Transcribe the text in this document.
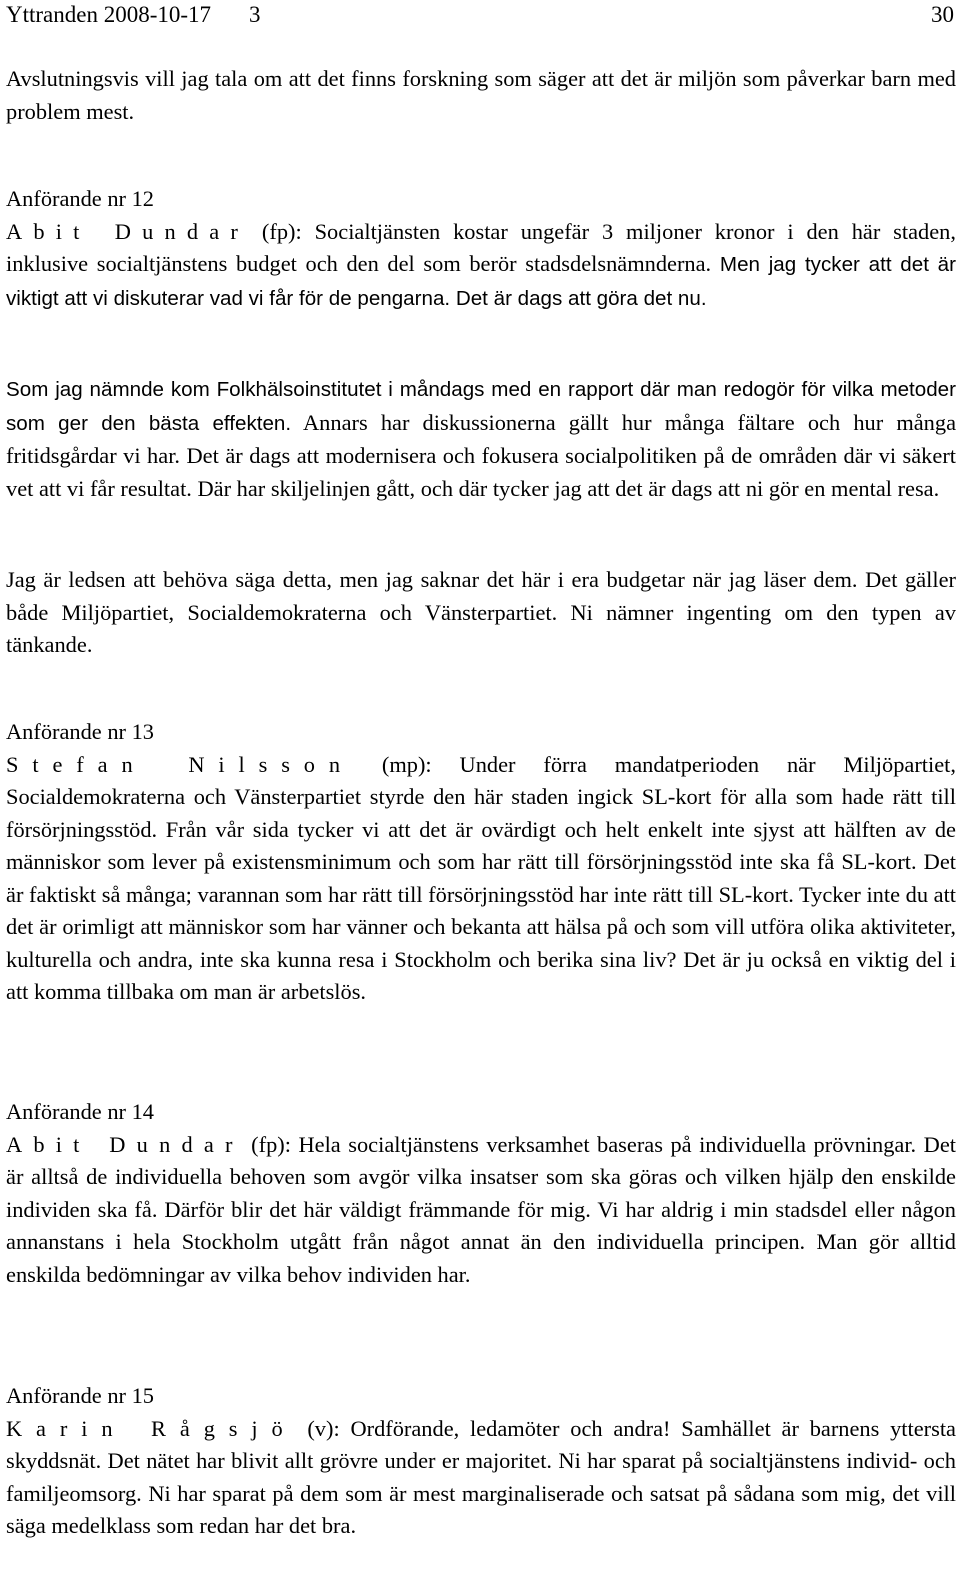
Yttranden 2008-10-17 3	30

Avslutningsvis vill jag tala om att det finns forskning som säger att det är miljön som påverkar barn med problem mest.

Anförande nr 12

Abit Dundar (fp): Socialtjänsten kostar ungefär 3 miljoner kronor i den här staden, inklusive socialtjänstens budget och den del som berör stadsdelsnämnderna. Men jag tycker att det är viktigt att vi diskuterar vad vi får för de pengarna. Det är dags att göra det nu.

Som jag nämnde kom Folkhälsoinstitutet i måndags med en rapport där man redogör för vilka metoder som ger den bästa effekten. Annars har diskussionerna gällt hur många fältare och hur många fritidsgårdar vi har. Det är dags att modernisera och fokusera socialpolitiken på de områden där vi säkert vet att vi får resultat. Där har skiljelinjen gått, och där tycker jag att det är dags att ni gör en mental resa.

Jag är ledsen att behöva säga detta, men jag saknar det här i era budgetar när jag läser dem. Det gäller både Miljöpartiet, Socialdemokraterna och Vänsterpartiet. Ni nämner ingenting om den typen av tänkande.

Anförande nr 13

Stefan Nilsson (mp): Under förra mandatperioden när Miljöpartiet, Socialdemokraterna och Vänsterpartiet styrde den här staden ingick SL-kort för alla som hade rätt till försörjningsstöd. Från vår sida tycker vi att det är ovärdigt och helt enkelt inte sjyst att hälften av de människor som lever på existensminimum och som har rätt till försörjningsstöd inte ska få SL-kort. Det är faktiskt så många; varannan som har rätt till försörjningsstöd har inte rätt till SL-kort. Tycker inte du att det är orimligt att människor som har vänner och bekanta att hälsa på och som vill utföra olika aktiviteter, kulturella och andra, inte ska kunna resa i Stockholm och berika sina liv? Det är ju också en viktig del i att komma tillbaka om man är arbetslös.

Anförande nr 14

Abit Dundar (fp): Hela socialtjänstens verksamhet baseras på individuella prövningar. Det är alltså de individuella behoven som avgör vilka insatser som ska göras och vilken hjälp den enskilde individen ska få. Därför blir det här väldigt främmande för mig. Vi har aldrig i min stadsdel eller någon annanstans i hela Stockholm utgått från något annat än den individuella principen. Man gör alltid enskilda bedömningar av vilka behov individen har.

Anförande nr 15

Karin Rågsjö (v): Ordförande, ledamöter och andra! Samhället är barnens yttersta skyddsnät. Det nätet har blivit allt grövre under er majoritet. Ni har sparat på socialtjänstens individ- och familjeomsorg. Ni har sparat på dem som är mest marginaliserade och satsat på sådana som mig, det vill säga medelklass som redan har det bra.
